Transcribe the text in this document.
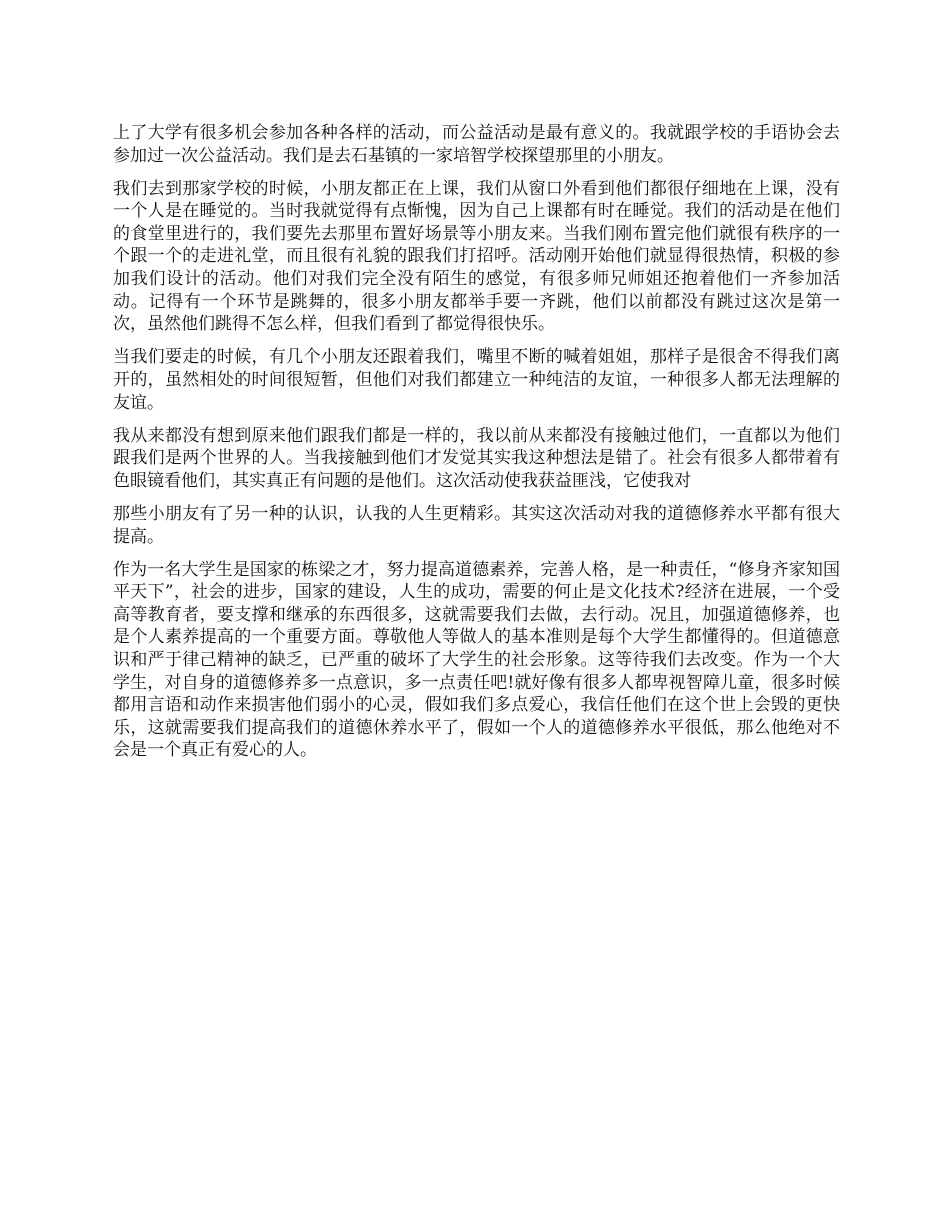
上了大学有很多机会参加各种各样的活动，而公益活动是最有意义的。我就跟学校的手语协会去参加过一次公益活动。我们是去石基镇的一家培智学校探望那里的小朋友。

我们去到那家学校的时候，小朋友都正在上课，我们从窗口外看到他们都很仔细地在上课，没有一个人是在睡觉的。当时我就觉得有点惭愧，因为自己上课都有时在睡觉。我们的活动是在他们的食堂里进行的，我们要先去那里布置好场景等小朋友来。当我们刚布置完他们就很有秩序的一个跟一个的走进礼堂，而且很有礼貌的跟我们打招呼。活动刚开始他们就显得很热情，积极的参加我们设计的活动。他们对我们完全没有陌生的感觉，有很多师兄师姐还抱着他们一齐参加活动。记得有一个环节是跳舞的，很多小朋友都举手要一齐跳，他们以前都没有跳过这次是第一次，虽然他们跳得不怎么样，但我们看到了都觉得很快乐。

当我们要走的时候，有几个小朋友还跟着我们，嘴里不断的喊着姐姐，那样子是很舍不得我们离开的，虽然相处的时间很短暂，但他们对我们都建立一种纯洁的友谊，一种很多人都无法理解的友谊。

我从来都没有想到原来他们跟我们都是一样的，我以前从来都没有接触过他们，一直都以为他们跟我们是两个世界的人。当我接触到他们才发觉其实我这种想法是错了。社会有很多人都带着有色眼镜看他们，其实真正有问题的是他们。这次活动使我获益匪浅，它使我对

那些小朋友有了另一种的认识，认我的人生更精彩。其实这次活动对我的道德修养水平都有很大提高。

作为一名大学生是国家的栋梁之才，努力提高道德素养，完善人格，是一种责任，“修身齐家知国平天下”，社会的进步，国家的建设，人生的成功，需要的何止是文化技术?经济在进展，一个受高等教育者，要支撑和继承的东西很多，这就需要我们去做，去行动。况且，加强道德修养，也是个人素养提高的一个重要方面。尊敬他人等做人的基本准则是每个大学生都懂得的。但道德意识和严于律己精神的缺乏，已严重的破坏了大学生的社会形象。这等待我们去改变。作为一个大学生，对自身的道德修养多一点意识，多一点责任吧!就好像有很多人都卑视智障儿童，很多时候都用言语和动作来损害他们弱小的心灵，假如我们多点爱心，我信任他们在这个世上会毁的更快乐，这就需要我们提高我们的道德休养水平了，假如一个人的道德修养水平很低，那么他绝对不会是一个真正有爱心的人。
